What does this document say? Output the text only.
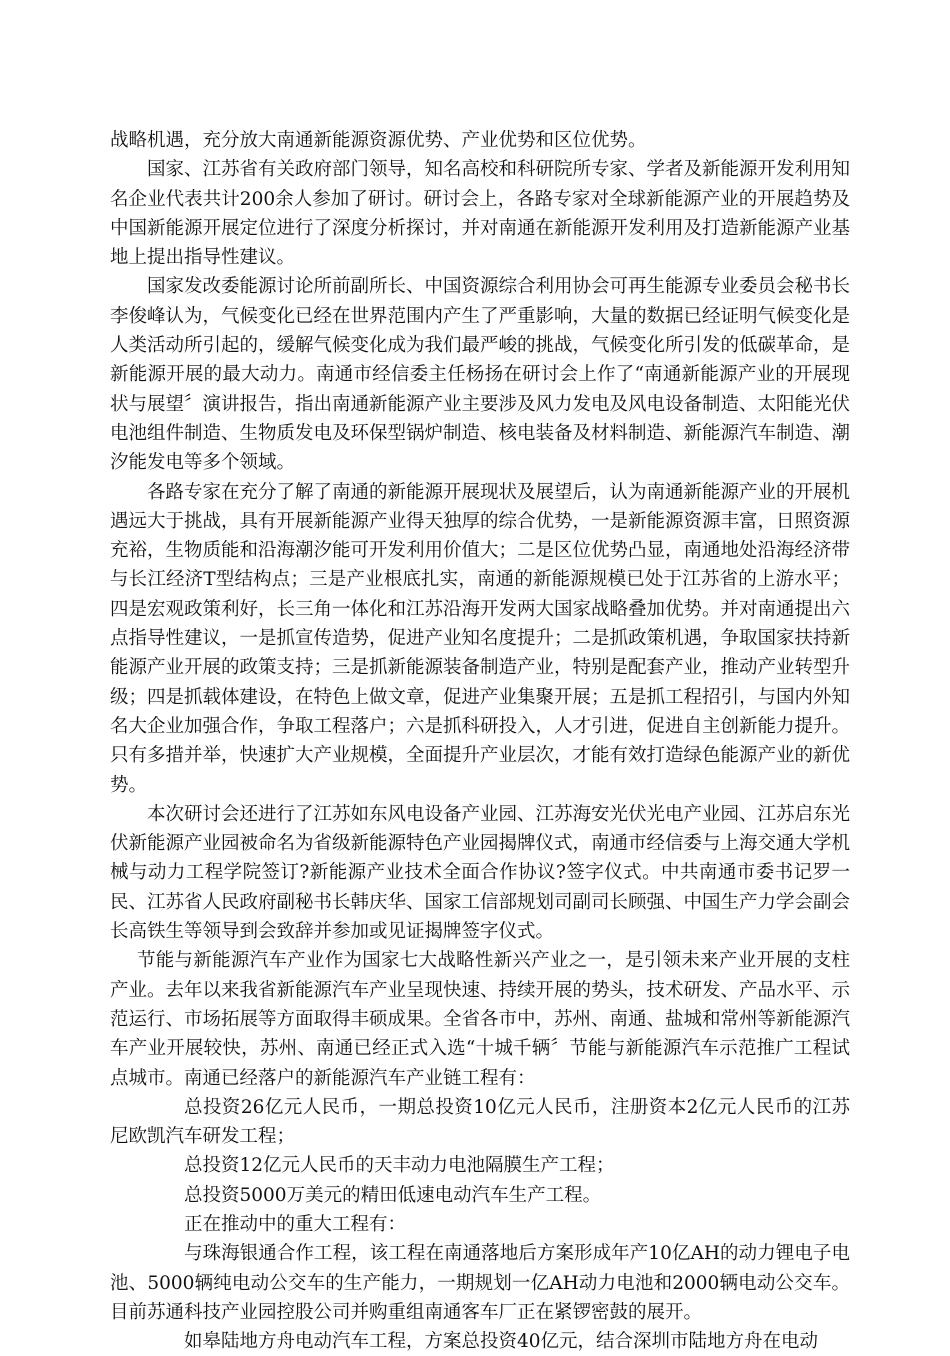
战略机遇，充分放大南通新能源资源优势、产业优势和区位优势。

国家、江苏省有关政府部门领导，知名高校和科研院所专家、学者及新能源开发利用知名企业代表共计200余人参加了研讨。研讨会上，各路专家对全球新能源产业的开展趋势及中国新能源开展定位进行了深度分析探讨，并对南通在新能源开发利用及打造新能源产业基地上提出指导性建议。

国家发改委能源讨论所前副所长、中国资源综合利用协会可再生能源专业委员会秘书长李俊峰认为，气候变化已经在世界范围内产生了严重影响，大量的数据已经证明气候变化是人类活动所引起的，缓解气候变化成为我们最严峻的挑战，气候变化所引发的低碳革命，是新能源开展的最大动力。南通市经信委主任杨扬在研讨会上作了“南通新能源产业的开展现状与展望〞演讲报告，指出南通新能源产业主要涉及风力发电及风电设备制造、太阳能光伏电池组件制造、生物质发电及环保型锅炉制造、核电装备及材料制造、新能源汽车制造、潮汐能发电等多个领域。

各路专家在充分了解了南通的新能源开展现状及展望后，认为南通新能源产业的开展机遇远大于挑战，具有开展新能源产业得天独厚的综合优势，一是新能源资源丰富，日照资源充裕，生物质能和沿海潮汐能可开发利用价值大；二是区位优势凸显，南通地处沿海经济带与长江经济T型结构点；三是产业根底扎实，南通的新能源规模已处于江苏省的上游水平；四是宏观政策利好，长三角一体化和江苏沿海开发两大国家战略叠加优势。并对南通提出六点指导性建议，一是抓宣传造势，促进产业知名度提升；二是抓政策机遇，争取国家扶持新能源产业开展的政策支持；三是抓新能源装备制造产业，特别是配套产业，推动产业转型升级；四是抓载体建设，在特色上做文章，促进产业集聚开展；五是抓工程招引，与国内外知名大企业加强合作，争取工程落户；六是抓科研投入，人才引进，促进自主创新能力提升。只有多措并举，快速扩大产业规模，全面提升产业层次，才能有效打造绿色能源产业的新优势。

本次研讨会还进行了江苏如东风电设备产业园、江苏海安光伏光电产业园、江苏启东光伏新能源产业园被命名为省级新能源特色产业园揭牌仪式，南通市经信委与上海交通大学机械与动力工程学院签订?新能源产业技术全面合作协议?签字仪式。中共南通市委书记罗一民、江苏省人民政府副秘书长韩庆华、国家工信部规划司副司长顾强、中国生产力学会副会长高铁生等领导到会致辞并参加或见证揭牌签字仪式。

节能与新能源汽车产业作为国家七大战略性新兴产业之一，是引领未来产业开展的支柱产业。去年以来我省新能源汽车产业呈现快速、持续开展的势头，技术研发、产品水平、示范运行、市场拓展等方面取得丰硕成果。全省各市中，苏州、南通、盐城和常州等新能源汽车产业开展较快，苏州、南通已经正式入选“十城千辆〞节能与新能源汽车示范推广工程试点城市。南通已经落户的新能源汽车产业链工程有：

总投资26亿元人民币，一期总投资10亿元人民币，注册资本2亿元人民币的江苏尼欧凯汽车研发工程；

总投资12亿元人民币的天丰动力电池隔膜生产工程；

总投资5000万美元的精田低速电动汽车生产工程。

正在推动中的重大工程有：

与珠海银通合作工程，该工程在南通落地后方案形成年产10亿AH的动力锂电子电池、5000辆纯电动公交车的生产能力，一期规划一亿AH动力电池和2000辆电动公交车。目前苏通科技产业园控股公司并购重组南通客车厂正在紧锣密鼓的展开。

如皋陆地方舟电动汽车工程，方案总投资40亿元，结合深圳市陆地方舟在电动
